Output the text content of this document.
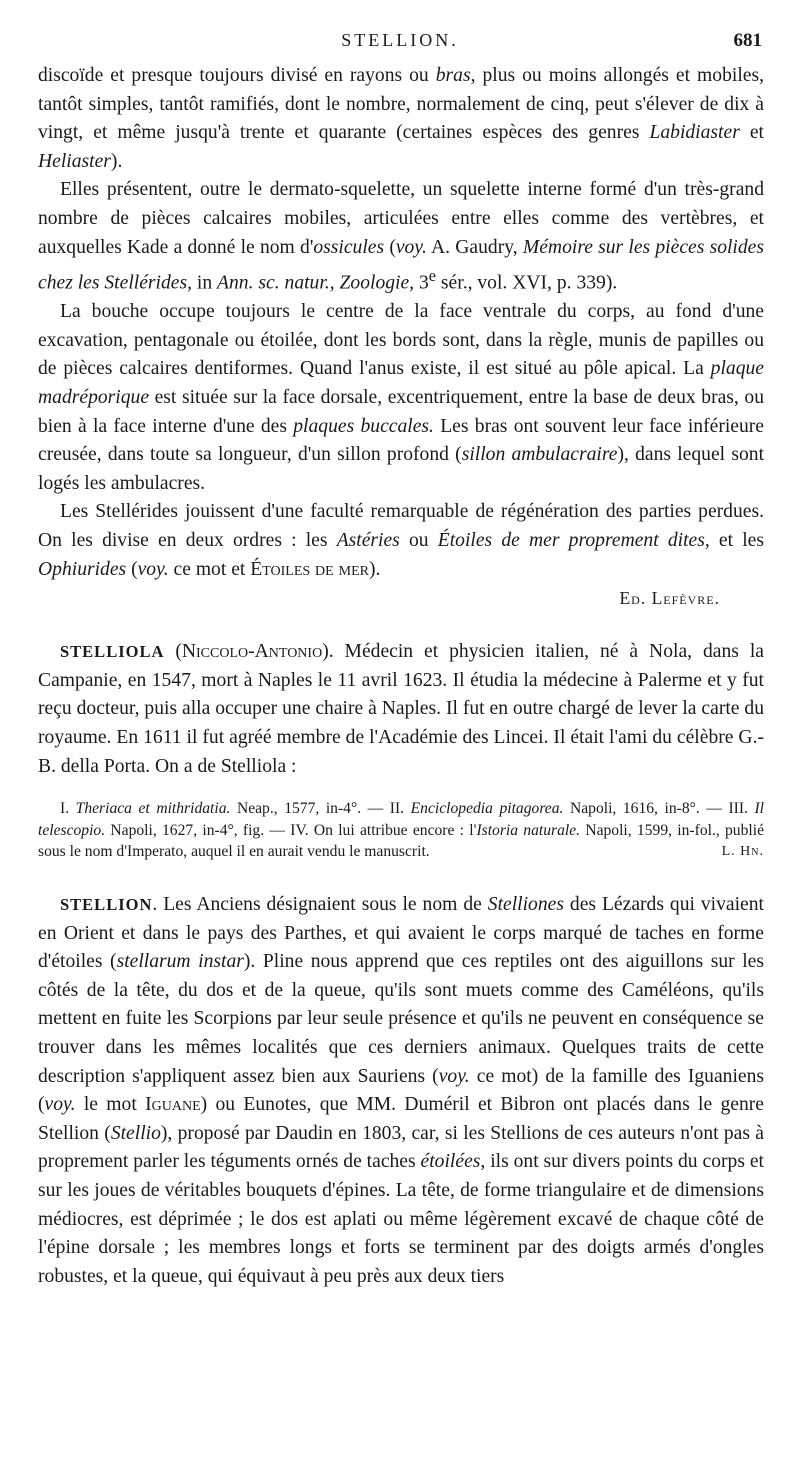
STELLION.	681

discoïde et presque toujours divisé en rayons ou bras, plus ou moins allongés et mobiles, tantôt simples, tantôt ramifiés, dont le nombre, normalement de cinq, peut s'élever de dix à vingt, et même jusqu'à trente et quarante (certaines espèces des genres Labidiaster et Heliaster).

Elles présentent, outre le dermato-squelette, un squelette interne formé d'un très-grand nombre de pièces calcaires mobiles, articulées entre elles comme des vertèbres, et auxquelles Kade a donné le nom d'ossicules (voy. A. Gaudry, Mémoire sur les pièces solides chez les Stellérides, in Ann. sc. natur., Zoologie, 3e sér., vol. XVI, p. 339).

La bouche occupe toujours le centre de la face ventrale du corps, au fond d'une excavation, pentagonale ou étoilée, dont les bords sont, dans la règle, munis de papilles ou de pièces calcaires dentiformes. Quand l'anus existe, il est situé au pôle apical. La plaque madréporique est située sur la face dorsale, excentriquement, entre la base de deux bras, ou bien à la face interne d'une des plaques buccales. Les bras ont souvent leur face inférieure creusée, dans toute sa longueur, d'un sillon profond (sillon ambulacraire), dans lequel sont logés les ambulacres.

Les Stellérides jouissent d'une faculté remarquable de régénération des parties perdues. On les divise en deux ordres : les Astéries ou Étoiles de mer proprement dites, et les Ophiurides (voy. ce mot et Étoiles de mer).

Ed. Lefèvre.

STELLIOLA (Niccolo-Antonio). Médecin et physicien italien, né à Nola, dans la Campanie, en 1547, mort à Naples le 11 avril 1623. Il étudia la médecine à Palerme et y fut reçu docteur, puis alla occuper une chaire à Naples. Il fut en outre chargé de lever la carte du royaume. En 1611 il fut agréé membre de l'Académie des Lincei. Il était l'ami du célèbre G.-B. della Porta. On a de Stelliola :

I. Theriaca et mithridatia. Neap., 1577, in-4°. — II. Enciclopedia pitagorea. Napoli, 1616, in-8°. — III. Il telescopio. Napoli, 1627, in-4°, fig. — IV. On lui attribue encore : l'Istoria naturale. Napoli, 1599, in-fol., publié sous le nom d'Imperato, auquel il en aurait vendu le manuscrit.	L. Hn.

STELLION. Les Anciens désignaient sous le nom de Stelliones des Lézards qui vivaient en Orient et dans le pays des Parthes, et qui avaient le corps marqué de taches en forme d'étoiles (stellarum instar). Pline nous apprend que ces reptiles ont des aiguillons sur les côtés de la tête, du dos et de la queue, qu'ils sont muets comme des Caméléons, qu'ils mettent en fuite les Scorpions par leur seule présence et qu'ils ne peuvent en conséquence se trouver dans les mêmes localités que ces derniers animaux. Quelques traits de cette description s'appliquent assez bien aux Sauriens (voy. ce mot) de la famille des Iguaniens (voy. le mot Iguane) ou Eunotes, que MM. Duméril et Bibron ont placés dans le genre Stellion (Stellio), proposé par Daudin en 1803, car, si les Stellions de ces auteurs n'ont pas à proprement parler les téguments ornés de taches étoilées, ils ont sur divers points du corps et sur les joues de véritables bouquets d'épines. La tête, de forme triangulaire et de dimensions médiocres, est déprimée ; le dos est aplati ou même légèrement excavé de chaque côté de l'épine dorsale ; les membres longs et forts se terminent par des doigts armés d'ongles robustes, et la queue, qui équivaut à peu près aux deux tiers
